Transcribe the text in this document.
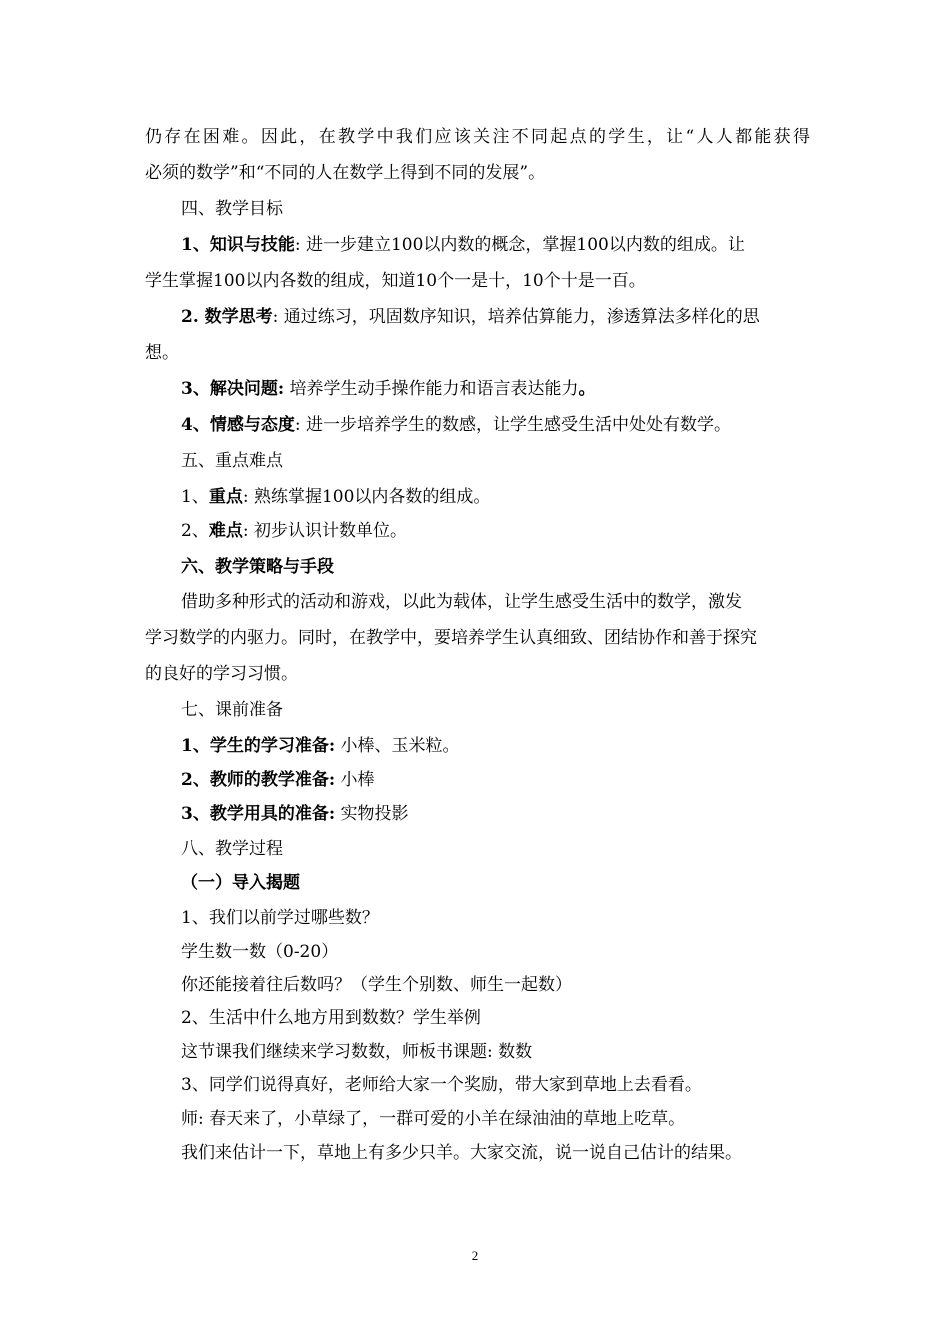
仍存在困难。因此，在教学中我们应该关注不同起点的学生，让“人人都能获得
必须的数学”和“不同的人在数学上得到不同的发展”。
四、教学目标
1、知识与技能: 进一步建立100以内数的概念，掌握100以内数的组成。让
学生掌握100以内各数的组成，知道10个一是十，10个十是一百。
2. 数学思考: 通过练习，巩固数序知识，培养估算能力，渗透算法多样化的思
想。
3、解决问题: 培养学生动手操作能力和语言表达能力。
4、情感与态度: 进一步培养学生的数感，让学生感受生活中处处有数学。
五、重点难点
1、重点: 熟练掌握100以内各数的组成。
2、难点: 初步认识计数单位。
六、教学策略与手段
借助多种形式的活动和游戏，以此为载体，让学生感受生活中的数学，激发
学习数学的内驱力。同时，在教学中，要培养学生认真细致、团结协作和善于探究
的良好的学习习惯。
七、课前准备
1、学生的学习准备: 小棒、玉米粒。
2、教师的教学准备: 小棒
3、教学用具的准备: 实物投影
八、教学过程
（一）导入揭题
1、我们以前学过哪些数？
学生数一数（0-20）
你还能接着往后数吗？（学生个别数、师生一起数）
2、生活中什么地方用到数数？学生举例
这节课我们继续来学习数数，师板书课题: 数数
3、同学们说得真好，老师给大家一个奖励，带大家到草地上去看看。
师: 春天来了，小草绿了，一群可爱的小羊在绿油油的草地上吃草。
我们来估计一下，草地上有多少只羊。大家交流，说一说自己估计的结果。
2
